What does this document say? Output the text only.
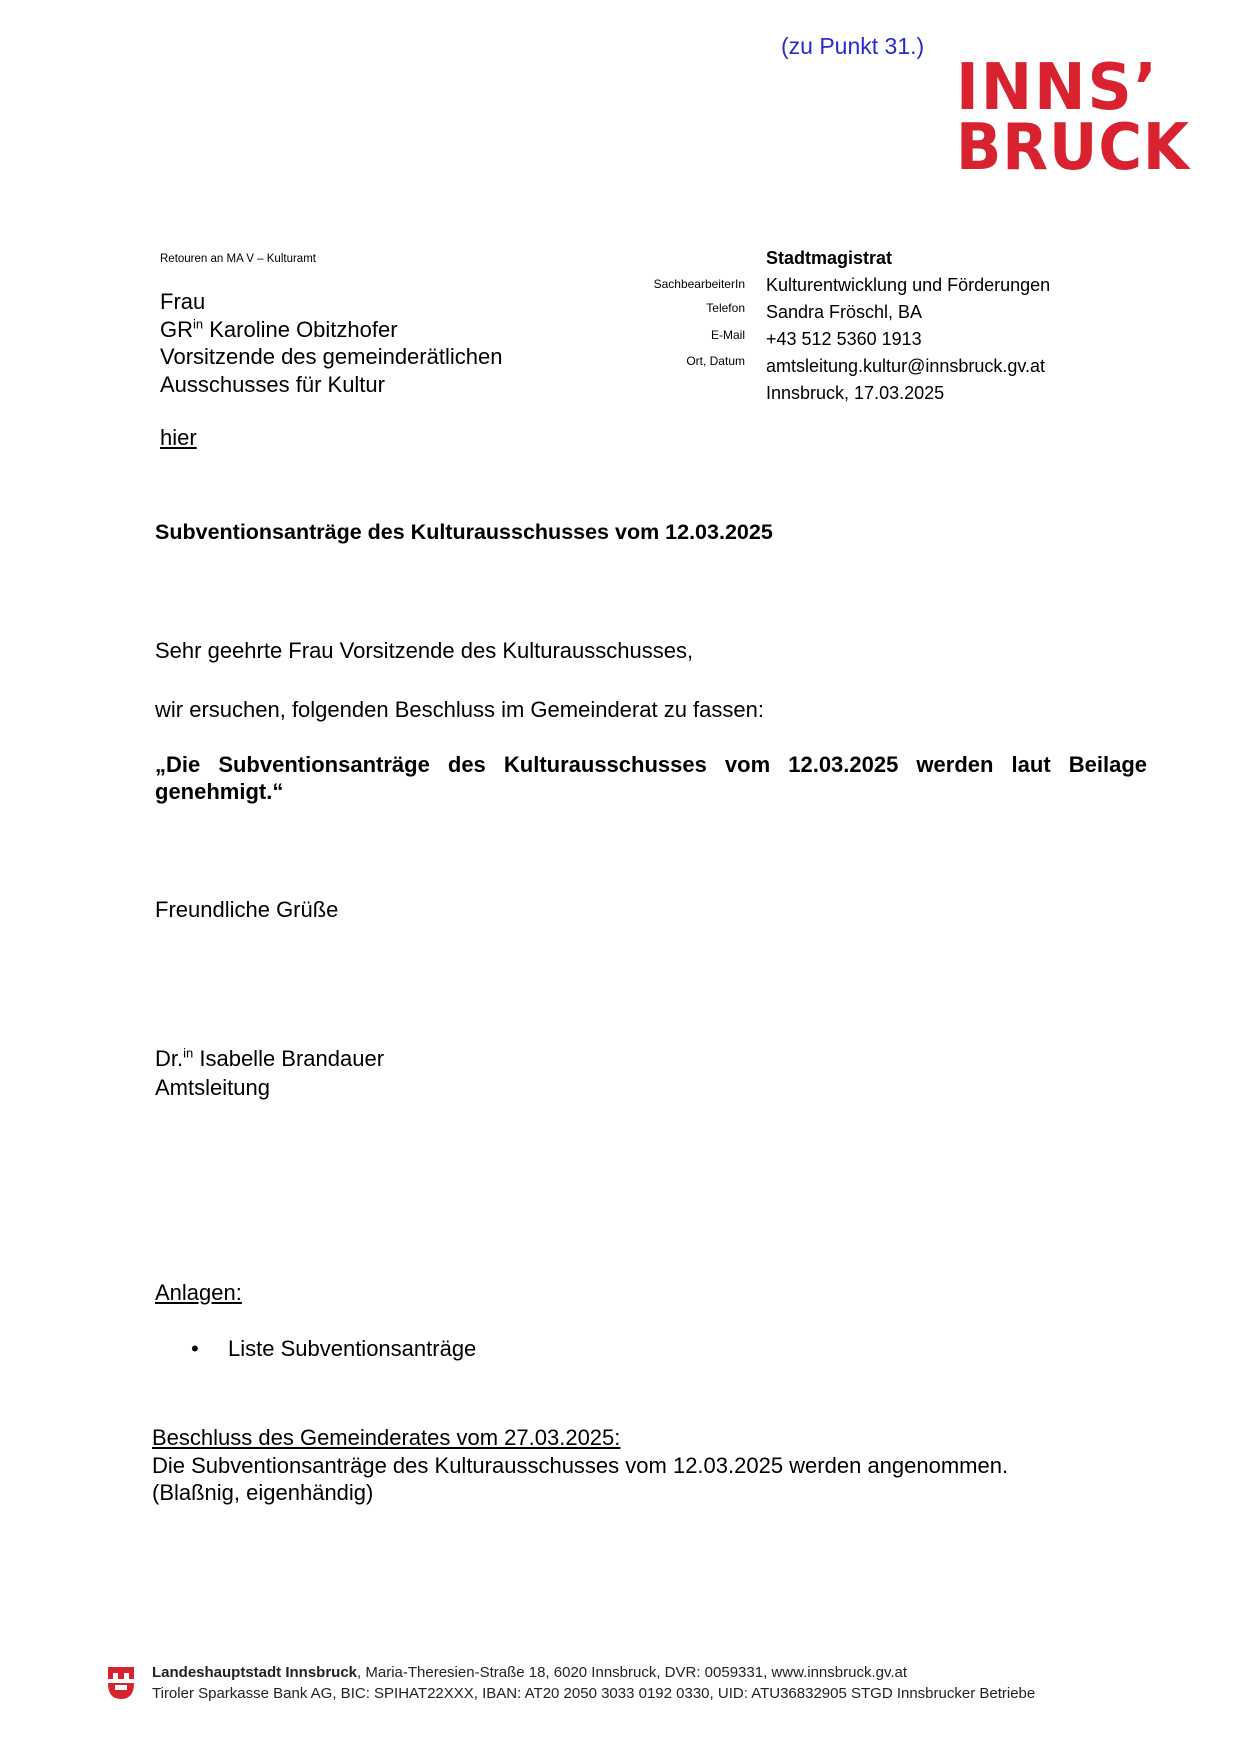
(zu Punkt 31.)
INNS’
BRUCK
Retouren an MA V – Kulturamt
Frau
$GR^{in}$ Karoline Obitzhofer
Vorsitzende des gemeinderätlichen
Ausschusses für Kultur
hier
SachbearbeiterIn
Telefon
E-Mail
Ort, Datum
Stadtmagistrat
Kulturentwicklung und Förderungen
Sandra Fröschl, BA
+43 512 5360 1913
amtsleitung.kultur@innsbruck.gv.at
Innsbruck, 17.03.2025
Subventionsanträge des Kulturausschusses vom 12.03.2025
Sehr geehrte Frau Vorsitzende des Kulturausschusses,
wir ersuchen, folgenden Beschluss im Gemeinderat zu fassen:
„Die Subventionsanträge des Kulturausschusses vom 12.03.2025 werden laut Beilage genehmigt.“
Freundliche Grüße
Dr.$^{in}$ Isabelle Brandauer
Amtsleitung
Anlagen:
• Liste Subventionsanträge
Beschluss des Gemeinderates vom 27.03.2025:
Die Subventionsanträge des Kulturausschusses vom 12.03.2025 werden angenommen.
(Blaßnig, eigenhändig)
Landeshauptstadt Innsbruck, Maria-Theresien-Straße 18, 6020 Innsbruck, DVR: 0059331, www.innsbruck.gv.at
Tiroler Sparkasse Bank AG, BIC: SPIHAT22XXX, IBAN: AT20 2050 3033 0192 0330, UID: ATU36832905 STGD Innsbrucker Betriebe
